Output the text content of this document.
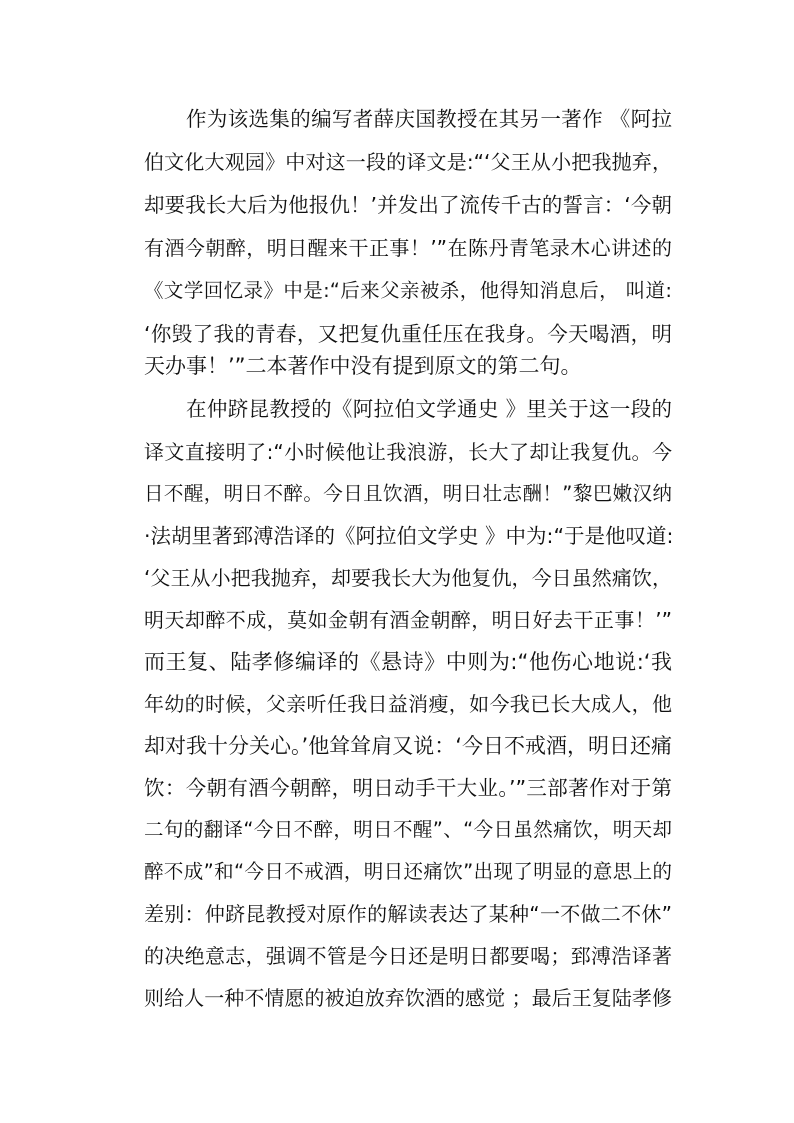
作为该选集的编写者薛庆国教授在其另一著作 《阿拉
伯文化大观园》中对这一段的译文是:“‘父王从小把我抛弃，
却要我长大后为他报仇！’并发出了流传千古的誓言：‘今朝
有酒今朝醉，明日醒来干正事！’”在陈丹青笔录木心讲述的
《文学回忆录》中是:“后来父亲被杀，他得知消息后， 叫道:
‘你毁了我的青春，又把复仇重任压在我身。今天喝酒，明
天办事！’”二本著作中没有提到原文的第二句。
在仲跻昆教授的《阿拉伯文学通史 》里关于这一段的
译文直接明了:“小时候他让我浪游，长大了却让我复仇。今
日不醒，明日不醉。今日且饮酒，明日壮志酬！”黎巴嫩汉纳
·法胡里著郅溥浩译的《阿拉伯文学史 》中为:“于是他叹道:
‘父王从小把我抛弃，却要我长大为他复仇，今日虽然痛饮，
明天却醉不成，莫如金朝有酒金朝醉，明日好去干正事！’”
而王复、陆孝修编译的《悬诗》中则为:“他伤心地说:‘我
年幼的时候，父亲听任我日益消瘦，如今我已长大成人，他
却对我十分关心。’他耸耸肩又说：‘今日不戒酒，明日还痛
饮：今朝有酒今朝醉，明日动手干大业。’”三部著作对于第
二句的翻译“今日不醉，明日不醒”、“今日虽然痛饮，明天却
醉不成”和“今日不戒酒，明日还痛饮”出现了明显的意思上的
差别：仲跻昆教授对原作的解读表达了某种“一不做二不休”
的决绝意志，强调不管是今日还是明日都要喝；郅溥浩译著
则给人一种不情愿的被迫放弃饮酒的感觉 ；最后王复陆孝修
